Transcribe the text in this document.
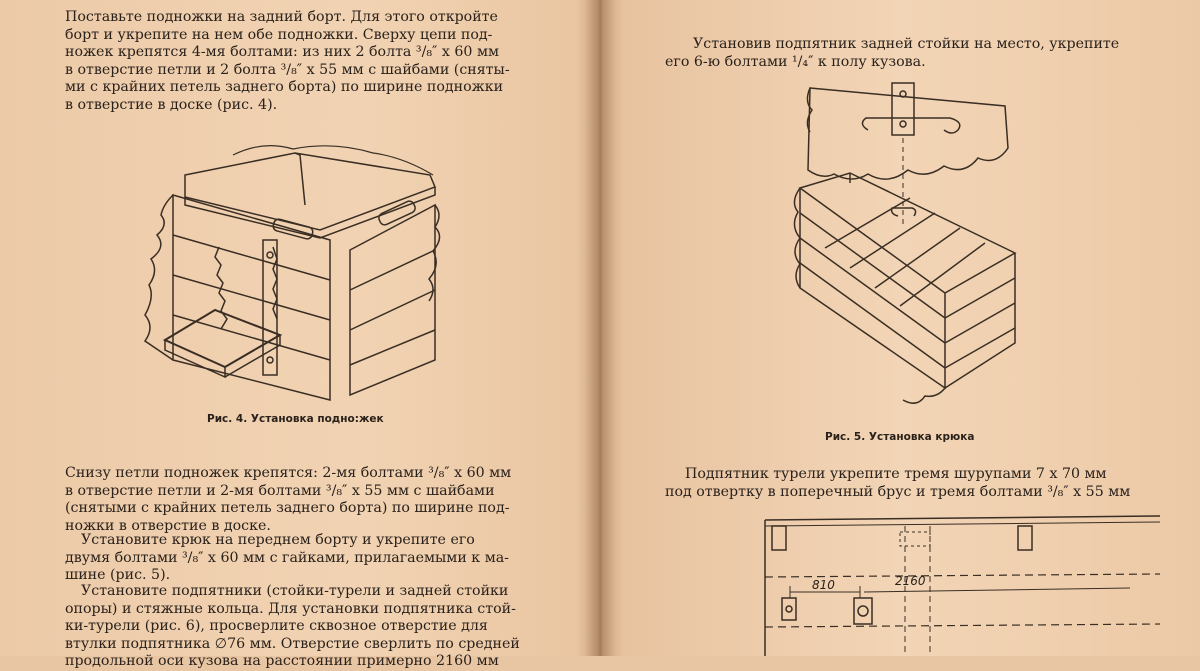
Поставьте подножки на задний борт. Для этого откройте
борт и укрепите на нем обе подножки. Сверху цепи под-
ножек крепятся 4-мя болтами: из них 2 болта ³/₈″ x 60 мм
в отверстие петли и 2 болта ³/₈″ x 55 мм с шайбами (сняты-
ми с крайних петель заднего борта) по ширине подножки
в отверстие в доске (рис. 4).

Рис. 4. Установка подно:жек

Снизу петли подножек крепятся: 2-мя болтами ³/₈″ x 60 мм
в отверстие петли и 2-мя болтами ³/₈″ x 55 мм с шайбами
(снятыми с крайних петель заднего борта) по ширине под-
ножки в отверстие в доске.

Установите крюк на переднем борту и укрепите его
двумя болтами ³/₈″ x 60 мм с гайками, прилагаемыми к ма-
шине (рис. 5).

Установите подпятники (стойки-турели и задней стойки
опоры) и стяжные кольца. Для установки подпятника стой-
ки-турели (рис. 6), просверлите сквозное отверстие для
втулки подпятника ∅76 мм. Отверстие сверлить по средней
продольной оси кузова на расстоянии примерно 2160 мм

Установив подпятник задней стойки на место, укрепите
его 6-ю болтами ¹/₄″ к полу кузова.

Рис. 5. Установка крюка

Подпятник турели укрепите тремя шурупами 7 x 70 мм
под отвертку в поперечный брус и тремя болтами ³/₈″ x 55 мм

810	2160
